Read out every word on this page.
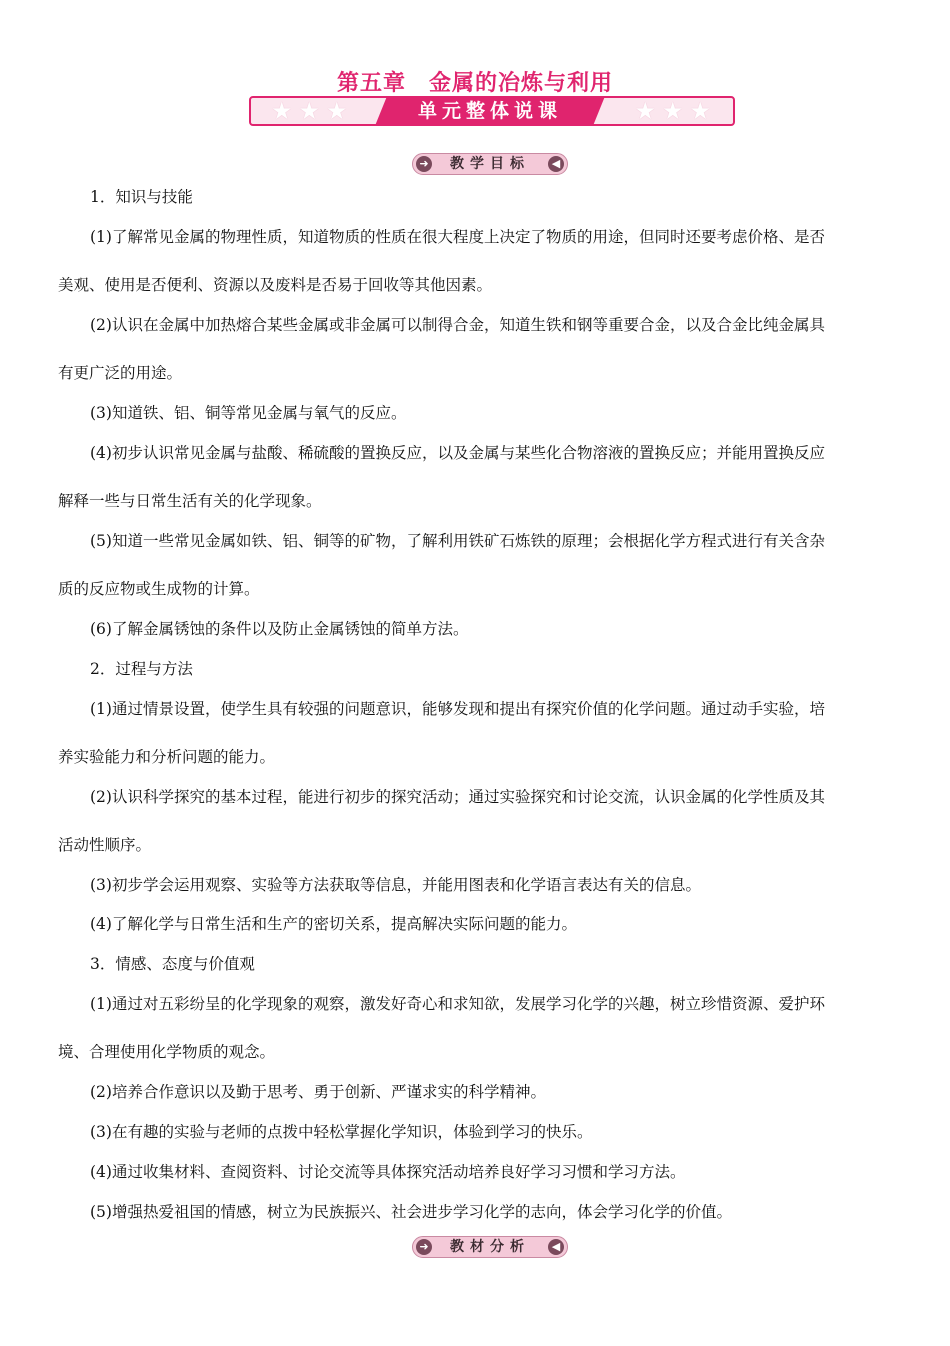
第五章　金属的冶炼与利用
★★★	单元整体说课	★★★
➜	教学目标	◀
1．知识与技能
(1)了解常见金属的物理性质，知道物质的性质在很大程度上决定了物质的用途，但同时还要考虑价格、是否
美观、使用是否便利、资源以及废料是否易于回收等其他因素。
(2)认识在金属中加热熔合某些金属或非金属可以制得合金，知道生铁和钢等重要合金，以及合金比纯金属具
有更广泛的用途。
(3)知道铁、铝、铜等常见金属与氧气的反应。
(4)初步认识常见金属与盐酸、稀硫酸的置换反应，以及金属与某些化合物溶液的置换反应；并能用置换反应
解释一些与日常生活有关的化学现象。
(5)知道一些常见金属如铁、铝、铜等的矿物，了解利用铁矿石炼铁的原理；会根据化学方程式进行有关含杂
质的反应物或生成物的计算。
(6)了解金属锈蚀的条件以及防止金属锈蚀的简单方法。
2．过程与方法
(1)通过情景设置，使学生具有较强的问题意识，能够发现和提出有探究价值的化学问题。通过动手实验，培
养实验能力和分析问题的能力。
(2)认识科学探究的基本过程，能进行初步的探究活动；通过实验探究和讨论交流，认识金属的化学性质及其
活动性顺序。
(3)初步学会运用观察、实验等方法获取等信息，并能用图表和化学语言表达有关的信息。
(4)了解化学与日常生活和生产的密切关系，提高解决实际问题的能力。
3．情感、态度与价值观
(1)通过对五彩纷呈的化学现象的观察，激发好奇心和求知欲，发展学习化学的兴趣，树立珍惜资源、爱护环
境、合理使用化学物质的观念。
(2)培养合作意识以及勤于思考、勇于创新、严谨求实的科学精神。
(3)在有趣的实验与老师的点拨中轻松掌握化学知识，体验到学习的快乐。
(4)通过收集材料、查阅资料、讨论交流等具体探究活动培养良好学习习惯和学习方法。
(5)增强热爱祖国的情感，树立为民族振兴、社会进步学习化学的志向，体会学习化学的价值。
➜	教材分析	◀
